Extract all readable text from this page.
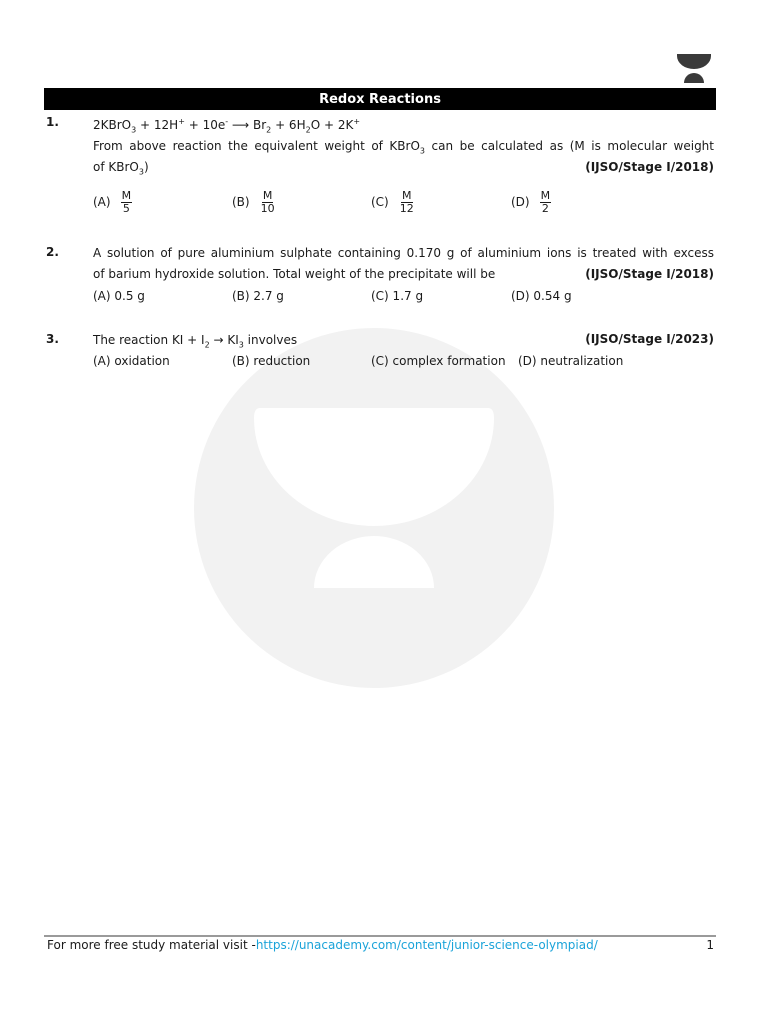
Redox Reactions
1.	2KBrO$_3$ + 12H+ + 10e- ⟶ $Br_2 + 6H_2O + 2K^+$
From above reaction the equivalent weight of KBrO$_3$ can be calculated as (M is molecular weight
of KBrO$_3$)	(IJSO/Stage I/2018)
$(A) \frac{M}{5}$	$(B) \frac{M}{10}$	$(C) \frac{M}{12}$	$(D) \frac{M}{2}$
2.	A solution of pure aluminium sulphate containing 0.170 g of aluminium ions is treated with excess
of barium hydroxide solution. Total weight of the precipitate will be	(IJSO/Stage I/2018)
(A) 0.5 g	(B) 2.7 g	(C) 1.7 g	(D) 0.54 g
3.	The reaction KI + $I_2 \to KI_3$ involves	(IJSO/Stage I/2023)
(A) oxidation	(B) reduction	(C) complex formation (D) neutralization
For more free study material visit -https://unacademy.com/content/junior-science-olympiad/	1
